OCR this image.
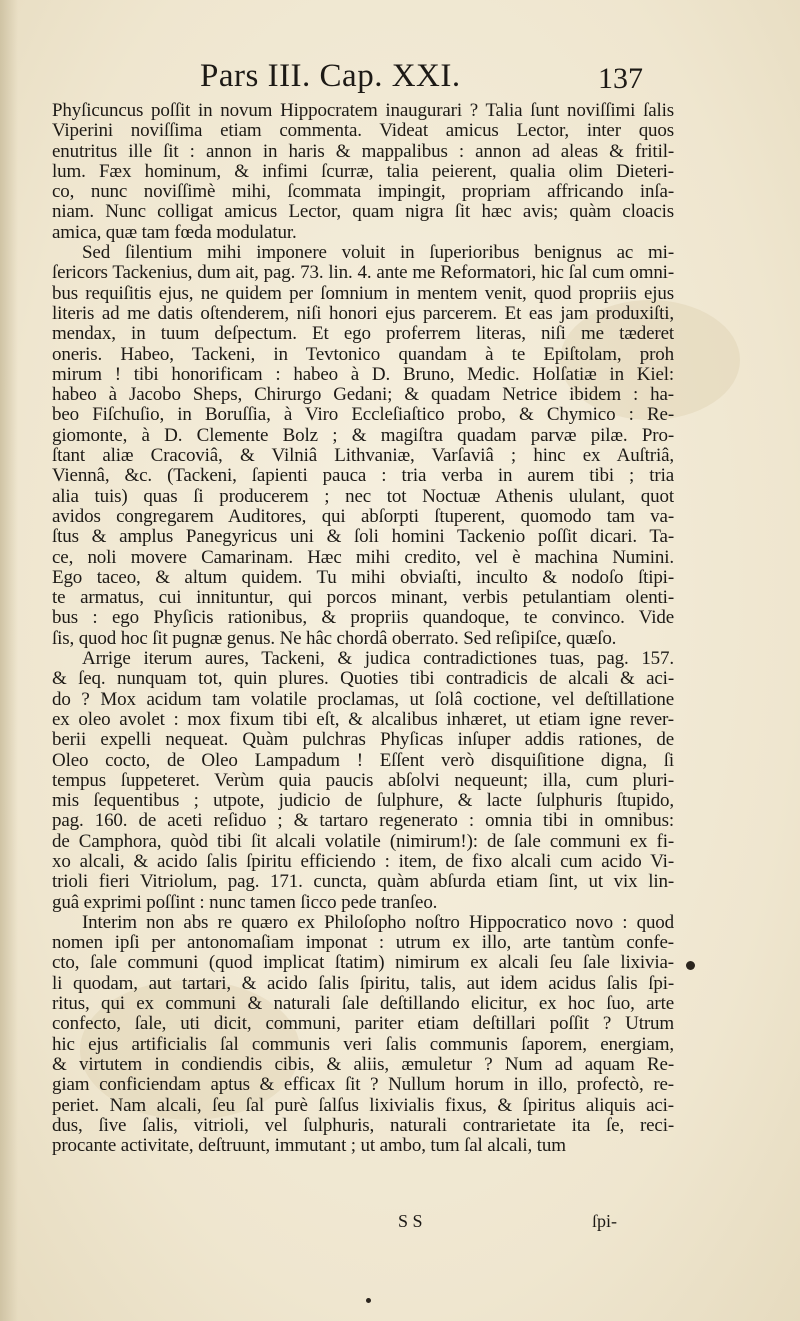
Pars III. Cap. XXI.	137
Phyſicuncus poſſit in novum Hippocratem inaugurari ? Talia ſunt noviſſimi ſalis
Viperini noviſſima etiam commenta. Videat amicus Lector, inter quos
enutritus ille ſit : annon in haris & mappalibus : annon ad aleas & fritil-
lum. Fæx hominum, & infimi ſcurræ, talia peierent, qualia olim Dieteri-
co, nunc noviſſimè mihi, ſcommata impingit, propriam affricando inſa-
niam. Nunc colligat amicus Lector, quam nigra ſit hæc avis; quàm cloacis
amica, quæ tam fœda modulatur.
Sed ſilentium mihi imponere voluit in ſuperioribus benignus ac mi-
ſericors Tackenius, dum ait, pag. 73. lin. 4. ante me Reformatori, hic ſal cum omni-
bus requiſitis ejus, ne quidem per ſomnium in mentem venit, quod propriis ejus
literis ad me datis oſtenderem, niſi honori ejus parcerem. Et eas jam produxiſti,
mendax, in tuum deſpectum. Et ego proferrem literas, niſi me tæderet
oneris. Habeo, Tackeni, in Tevtonico quandam à te Epiſtolam, proh
mirum ! tibi honorificam : habeo à D. Bruno, Medic. Holſatiæ in Kiel:
habeo à Jacobo Sheps, Chirurgo Gedani; & quadam Netrice ibidem : ha-
beo Fiſchuſio, in Boruſſia, à Viro Eccleſiaſtico probo, & Chymico : Re-
giomonte, à D. Clemente Bolz ; & magiſtra quadam parvæ pilæ. Pro-
ſtant aliæ Cracoviâ, & Vilniâ Lithvaniæ, Varſaviâ ; hinc ex Auſtriâ,
Viennâ, &c. (Tackeni, ſapienti pauca : tria verba in aurem tibi ; tria
alia tuis) quas ſi producerem ; nec tot Noctuæ Athenis ululant, quot
avidos congregarem Auditores, qui abſorpti ſtuperent, quomodo tam va-
ſtus & amplus Panegyricus uni & ſoli homini Tackenio poſſit dicari. Ta-
ce, noli movere Camarinam. Hæc mihi credito, vel è machina Numini.
Ego taceo, & altum quidem. Tu mihi obviaſti, inculto & nodoſo ſtipi-
te armatus, cui innituntur, qui porcos minant, verbis petulantiam olenti-
bus : ego Phyſicis rationibus, & propriis quandoque, te convinco. Vide
ſis, quod hoc ſit pugnæ genus. Ne hâc chordâ oberrato. Sed reſipiſce, quæſo.
Arrige iterum aures, Tackeni, & judica contradictiones tuas, pag. 157.
& ſeq. nunquam tot, quin plures. Quoties tibi contradicis de alcali & aci-
do ? Mox acidum tam volatile proclamas, ut ſolâ coctione, vel deſtillatione
ex oleo avolet : mox fixum tibi eſt, & alcalibus inhæret, ut etiam igne rever-
berii expelli nequeat. Quàm pulchras Phyſicas inſuper addis rationes, de
Oleo cocto, de Oleo Lampadum ! Eſſent verò disquiſitione digna, ſi
tempus ſuppeteret. Verùm quia paucis abſolvi nequeunt; illa, cum pluri-
mis ſequentibus ; utpote, judicio de ſulphure, & lacte ſulphuris ſtupido,
pag. 160. de aceti reſiduo ; & tartaro regenerato : omnia tibi in omnibus:
de Camphora, quòd tibi ſit alcali volatile (nimirum!): de ſale communi ex fi-
xo alcali, & acido ſalis ſpiritu efficiendo : item, de fixo alcali cum acido Vi-
trioli fieri Vitriolum, pag. 171. cuncta, quàm abſurda etiam ſint, ut vix lin-
guâ exprimi poſſint : nunc tamen ſicco pede tranſeo.
Interim non abs re quæro ex Philoſopho noſtro Hippocratico novo : quod
nomen ipſi per antonomaſiam imponat : utrum ex illo, arte tantùm confe-
cto, ſale communi (quod implicat ſtatim) nimirum ex alcali ſeu ſale lixivia-
li quodam, aut tartari, & acido ſalis ſpiritu, talis, aut idem acidus ſalis ſpi-
ritus, qui ex communi & naturali ſale deſtillando elicitur, ex hoc ſuo, arte
confecto, ſale, uti dicit, communi, pariter etiam deſtillari poſſit ? Utrum
hic ejus artificialis ſal communis veri ſalis communis ſaporem, energiam,
& virtutem in condiendis cibis, & aliis, æmuletur ? Num ad aquam Re-
giam conficiendam aptus & efficax ſit ? Nullum horum in illo, profectò, re-
periet. Nam alcali, ſeu ſal purè ſalſus lixivialis fixus, & ſpiritus aliquis aci-
dus, ſive ſalis, vitrioli, vel ſulphuris, naturali contrarietate ita ſe, reci-
procante activitate, deſtruunt, immutant ; ut ambo, tum ſal alcali, tum
S S	ſpi-
